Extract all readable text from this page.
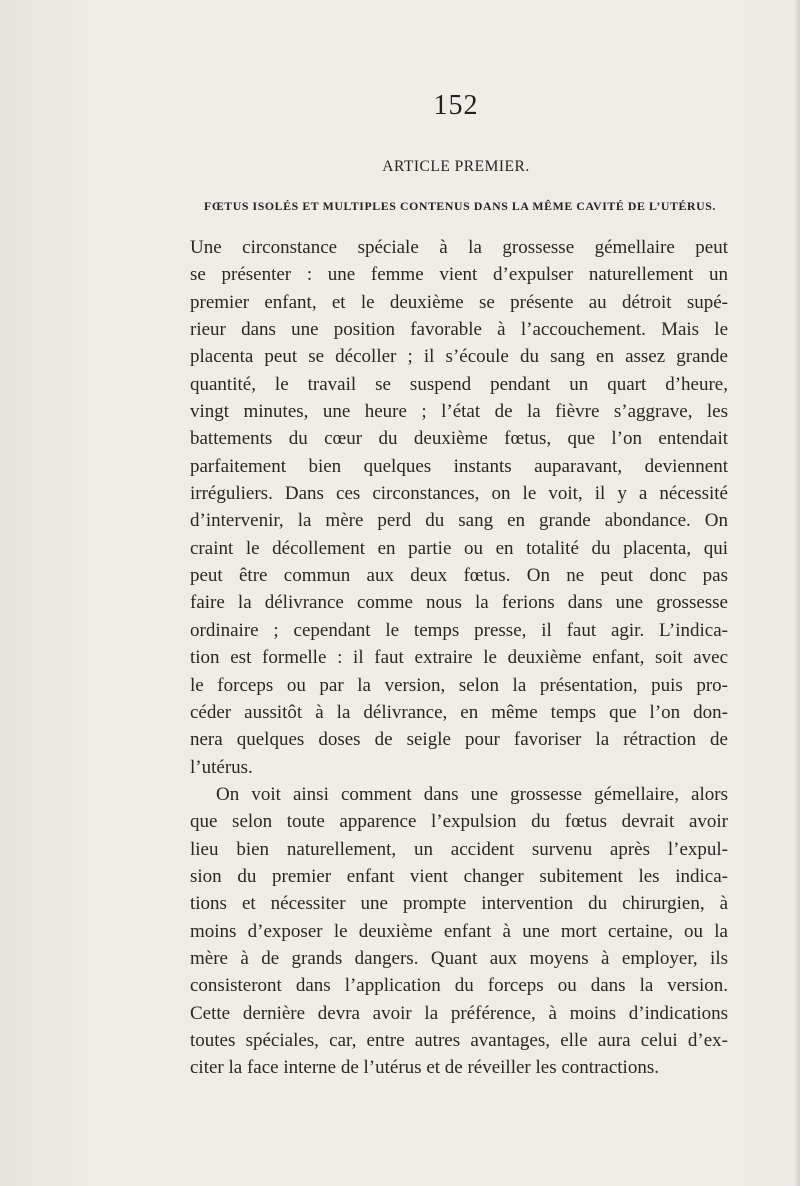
152
ARTICLE PREMIER.
FŒTUS ISOLÉS ET MULTIPLES CONTENUS DANS LA MÊME CAVITÉ DE L’UTÉRUS.
Une circonstance spéciale à la grossesse gémellaire peut
se présenter : une femme vient d’expulser naturellement un
premier enfant, et le deuxième se présente au détroit supé-
rieur dans une position favorable à l’accouchement. Mais le
placenta peut se décoller ; il s’écoule du sang en assez grande
quantité, le travail se suspend pendant un quart d’heure,
vingt minutes, une heure ; l’état de la fièvre s’aggrave, les
battements du cœur du deuxième fœtus, que l’on entendait
parfaitement bien quelques instants auparavant, deviennent
irréguliers. Dans ces circonstances, on le voit, il y a nécessité
d’intervenir, la mère perd du sang en grande abondance. On
craint le décollement en partie ou en totalité du placenta, qui
peut être commun aux deux fœtus. On ne peut donc pas
faire la délivrance comme nous la ferions dans une grossesse
ordinaire ; cependant le temps presse, il faut agir. L’indica-
tion est formelle : il faut extraire le deuxième enfant, soit avec
le forceps ou par la version, selon la présentation, puis pro-
céder aussitôt à la délivrance, en même temps que l’on don-
nera quelques doses de seigle pour favoriser la rétraction de
l’utérus.
On voit ainsi comment dans une grossesse gémellaire, alors
que selon toute apparence l’expulsion du fœtus devrait avoir
lieu bien naturellement, un accident survenu après l’expul-
sion du premier enfant vient changer subitement les indica-
tions et nécessiter une prompte intervention du chirurgien, à
moins d’exposer le deuxième enfant à une mort certaine, ou la
mère à de grands dangers. Quant aux moyens à employer, ils
consisteront dans l’application du forceps ou dans la version.
Cette dernière devra avoir la préférence, à moins d’indications
toutes spéciales, car, entre autres avantages, elle aura celui d’ex-
citer la face interne de l’utérus et de réveiller les contractions.
